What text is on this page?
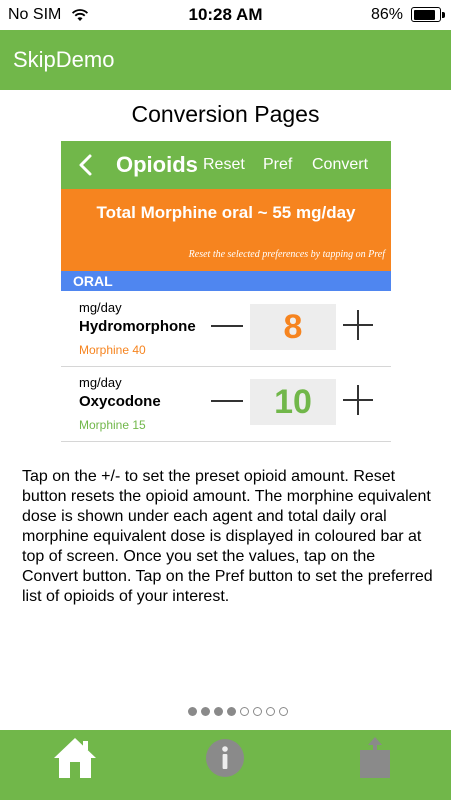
No SIM	10:28 AM	86%
SkipDemo
Conversion Pages
Opioids Reset Pref Convert
Total Morphine oral ~ 55 mg/day
Reset the selected preferences by tapping on Pref
ORAL
mg/day
Hydromorphone
Morphine 40
8
mg/day
Oxycodone
Morphine 15
10
Tap on the +/- to set the preset opioid amount. Reset button resets the opioid amount. The morphine equivalent dose is shown under each agent and total daily oral morphine equivalent dose is displayed in coloured bar at top of screen. Once you set the values, tap on the Convert button. Tap on the Pref button to set the preferred list of opioids of your interest.
